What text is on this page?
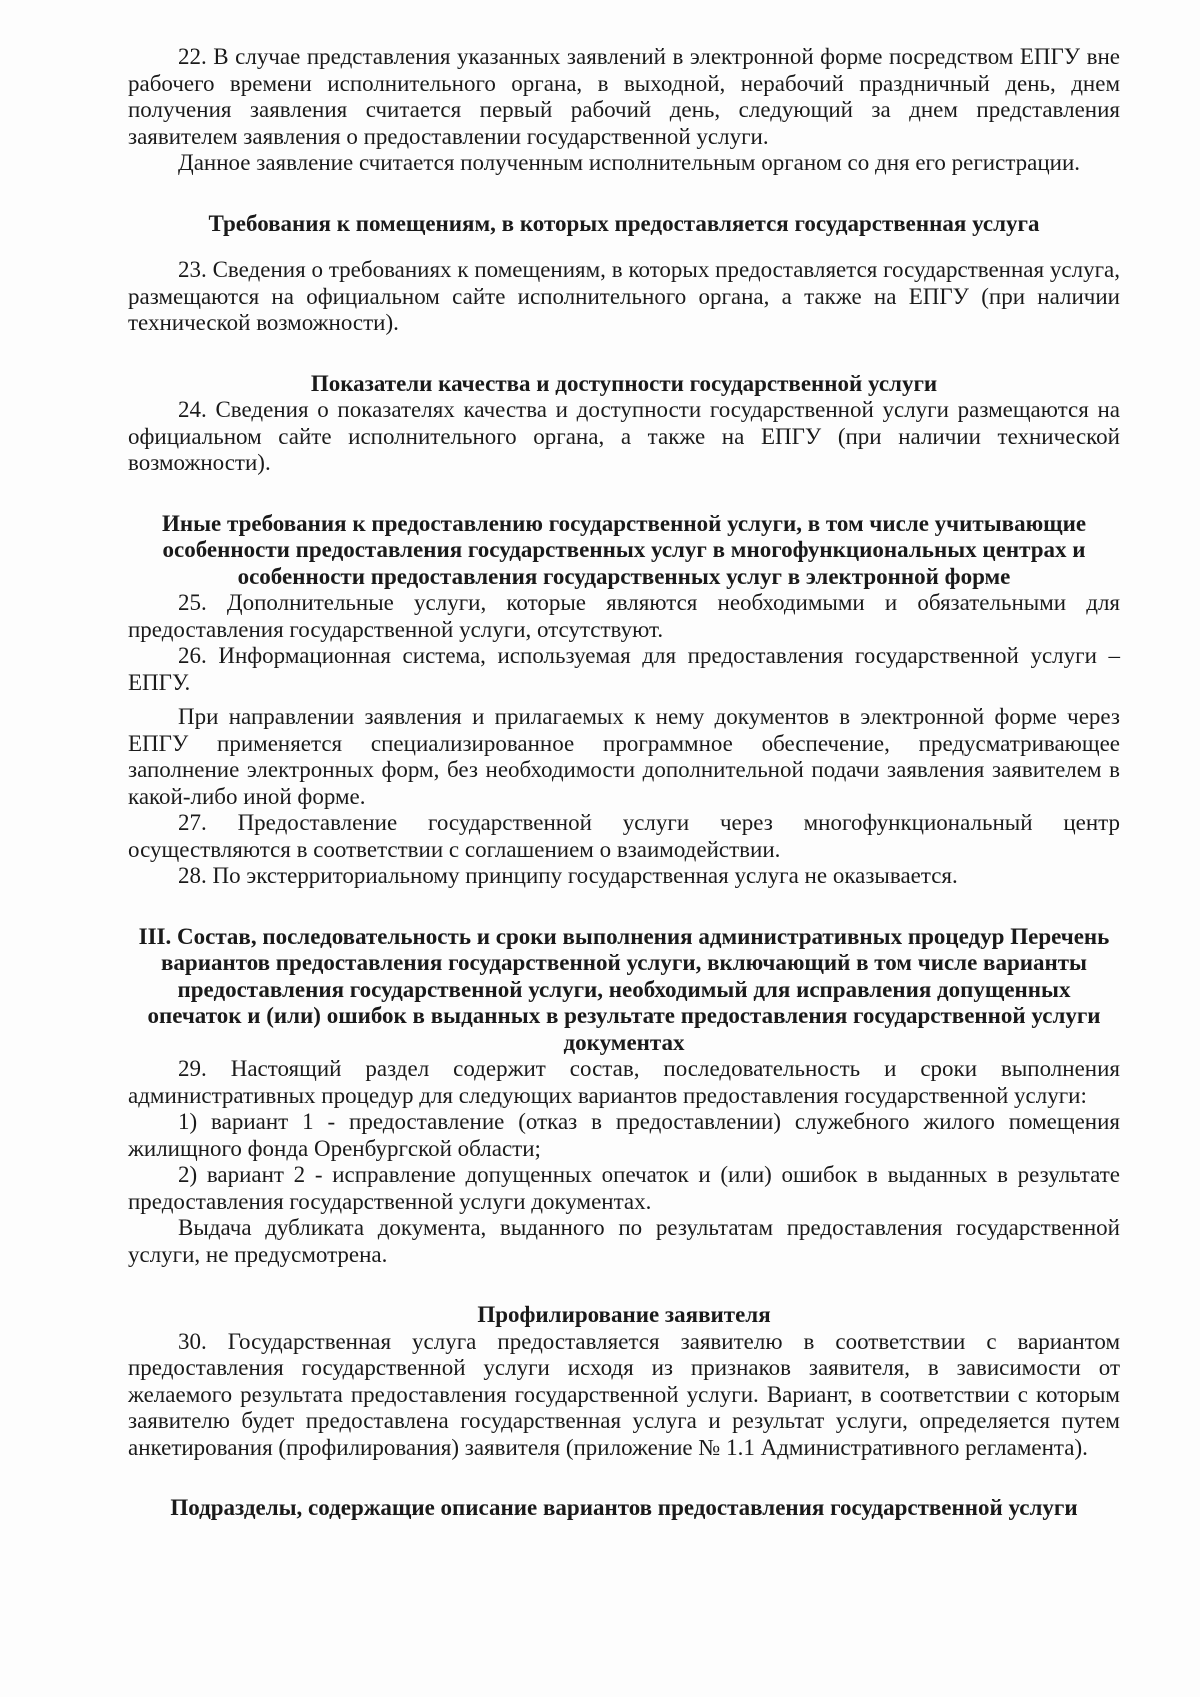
22. В случае представления указанных заявлений в электронной форме посредством ЕПГУ вне рабочего времени исполнительного органа, в выходной, нерабочий праздничный день, днем получения заявления считается первый рабочий день, следующий за днем представления заявителем заявления о предоставлении государственной услуги.

Данное заявление считается полученным исполнительным органом со дня его регистрации.

Требования к помещениям, в которых предоставляется государственная услуга

23. Сведения о требованиях к помещениям, в которых предоставляется государственная услуга, размещаются на официальном сайте исполнительного органа, а также на ЕПГУ (при наличии технической возможности).

Показатели качества и доступности государственной услуги

24. Сведения о показателях качества и доступности государственной услуги размещаются на официальном сайте исполнительного органа, а также на ЕПГУ (при наличии технической возможности).

Иные требования к предоставлению государственной услуги, в том числе учитывающие особенности предоставления государственных услуг в многофункциональных центрах и особенности предоставления государственных услуг в электронной форме

25. Дополнительные услуги, которые являются необходимыми и обязательными для предоставления государственной услуги, отсутствуют.

26. Информационная система, используемая для предоставления государственной услуги – ЕПГУ.

При направлении заявления и прилагаемых к нему документов в электронной форме через ЕПГУ применяется специализированное программное обеспечение, предусматривающее заполнение электронных форм, без необходимости дополнительной подачи заявления заявителем в какой-либо иной форме.

27. Предоставление государственной услуги через многофункциональный центр осуществляются в соответствии с соглашением о взаимодействии.

28. По экстерриториальному принципу государственная услуга не оказывается.

III. Состав, последовательность и сроки выполнения административных процедур Перечень вариантов предоставления государственной услуги, включающий в том числе варианты предоставления государственной услуги, необходимый для исправления допущенных опечаток и (или) ошибок в выданных в результате предоставления государственной услуги документах

29. Настоящий раздел содержит состав, последовательность и сроки выполнения административных процедур для следующих вариантов предоставления государственной услуги:

1) вариант 1 - предоставление (отказ в предоставлении) служебного жилого помещения жилищного фонда Оренбургской области;

2) вариант 2 - исправление допущенных опечаток и (или) ошибок в выданных в результате предоставления государственной услуги документах.

Выдача дубликата документа, выданного по результатам предоставления государственной услуги, не предусмотрена.

Профилирование заявителя

30. Государственная услуга предоставляется заявителю в соответствии с вариантом предоставления государственной услуги исходя из признаков заявителя, в зависимости от желаемого результата предоставления государственной услуги. Вариант, в соответствии с которым заявителю будет предоставлена государственная услуга и результат услуги, определяется путем анкетирования (профилирования) заявителя (приложение № 1.1 Административного регламента).

Подразделы, содержащие описание вариантов предоставления государственной услуги
